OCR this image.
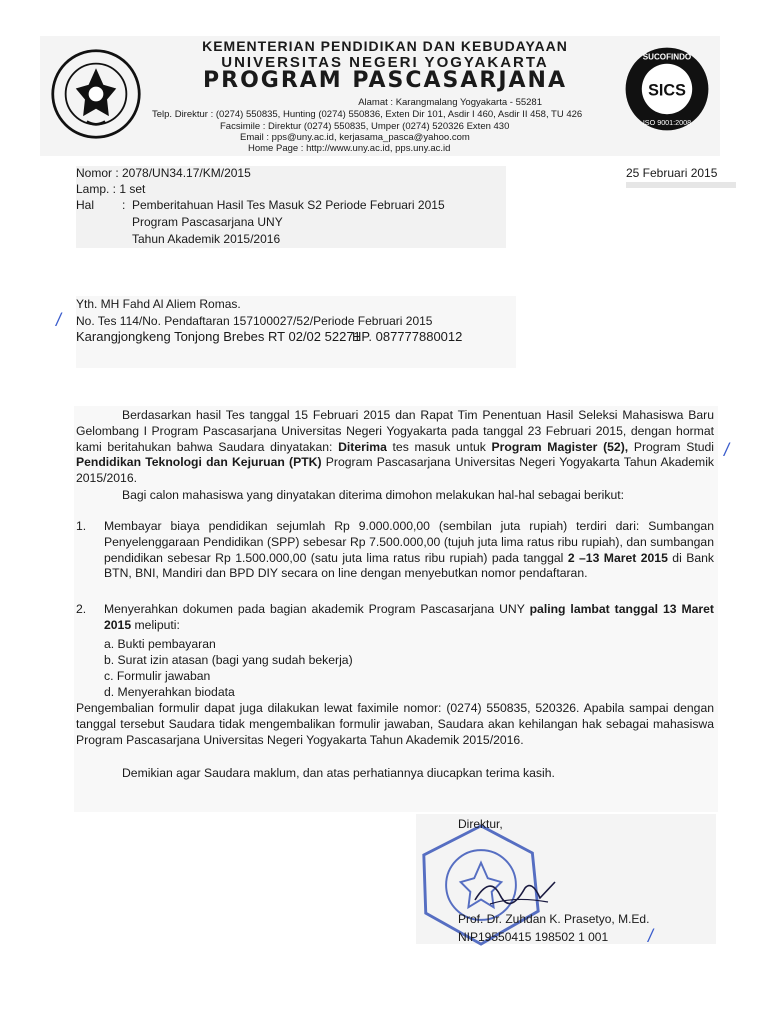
SICS
SUCOFINDO
ISO 9001:2008
KEMENTERIAN PENDIDIKAN DAN KEBUDAYAAN
UNIVERSITAS NEGERI YOGYAKARTA
PROGRAM PASCASARJANA
Alamat : Karangmalang Yogyakarta - 55281
Telp. Direktur : (0274) 550835, Hunting (0274) 550836, Exten Dir 101, Asdir I 460, Asdir II 458, TU 426
Facsimile : Direktur (0274) 550835, Umper (0274) 520326 Exten 430
Email : pps@uny.ac.id, kerjasama_pasca@yahoo.com
Home Page : http://www.uny.ac.id, pps.uny.ac.id
Nomor : 2078/UN34.17/KM/2015
Lamp. : 1 set
Hal : Pemberitahuan Hasil Tes Masuk S2 Periode Februari 2015
Program Pascasarjana UNY
Tahun Akademik 2015/2016
25 Februari 2015
Yth. MH Fahd Al Aliem Romas.
No. Tes 114/No. Pendaftaran 157100027/52/Periode Februari 2015
Karangjongkeng Tonjong Brebes RT 02/02 52271
HP. 087777880012
/
/
Berdasarkan hasil Tes tanggal 15 Februari 2015 dan Rapat Tim Penentuan Hasil Seleksi Mahasiswa Baru Gelombang I Program Pascasarjana Universitas Negeri Yogyakarta pada tanggal 23 Februari 2015, dengan hormat kami beritahukan bahwa Saudara dinyatakan: Diterima tes masuk untuk Program Magister (52), Program Studi Pendidikan Teknologi dan Kejuruan (PTK) Program Pascasarjana Universitas Negeri Yogyakarta Tahun Akademik 2015/2016.
Bagi calon mahasiswa yang dinyatakan diterima dimohon melakukan hal-hal sebagai berikut:
1. Membayar biaya pendidikan sejumlah Rp 9.000.000,00 (sembilan juta rupiah) terdiri dari: Sumbangan Penyelenggaraan Pendidikan (SPP) sebesar Rp 7.500.000,00 (tujuh juta lima ratus ribu rupiah), dan sumbangan pendidikan sebesar Rp 1.500.000,00 (satu juta lima ratus ribu rupiah) pada tanggal 2 –13 Maret 2015 di Bank BTN, BNI, Mandiri dan BPD DIY secara on line dengan menyebutkan nomor pendaftaran.
2. Menyerahkan dokumen pada bagian akademik Program Pascasarjana UNY paling lambat tanggal 13 Maret 2015 meliputi:
a. Bukti pembayaran
b. Surat izin atasan (bagi yang sudah bekerja)
c. Formulir jawaban
d. Menyerahkan biodata
Pengembalian formulir dapat juga dilakukan lewat faximile nomor: (0274) 550835, 520326. Apabila sampai dengan tanggal tersebut Saudara tidak mengembalikan formulir jawaban, Saudara akan kehilangan hak sebagai mahasiswa Program Pascasarjana Universitas Negeri Yogyakarta Tahun Akademik 2015/2016.
Demikian agar Saudara maklum, dan atas perhatiannya diucapkan terima kasih.
Direktur,
Prof. Dr. Zuhdan K. Prasetyo, M.Ed.
NIP19550415 198502 1 001 /
